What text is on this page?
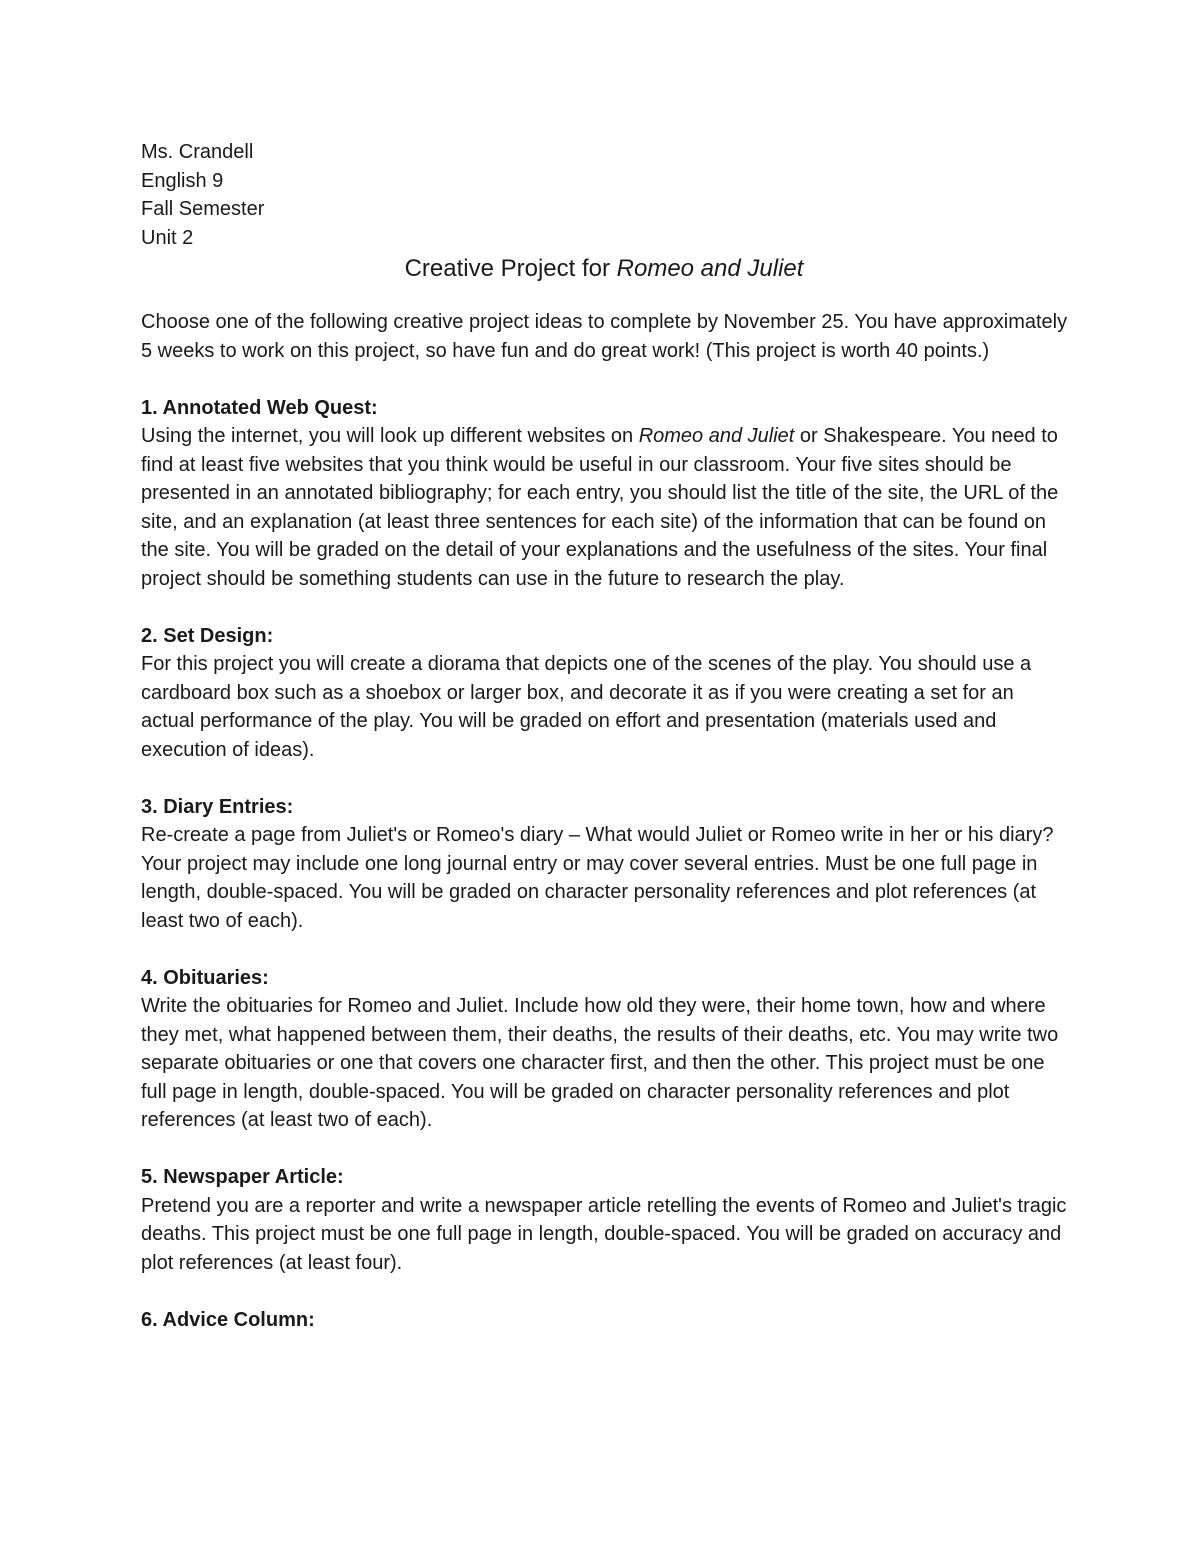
Ms. Crandell

English 9

Fall Semester

Unit 2

Creative Project for Romeo and Juliet

Choose one of the following creative project ideas to complete by November 25. You have approximately 5 weeks to work on this project, so have fun and do great work! (This project is worth 40 points.)

1. Annotated Web Quest:

Using the internet, you will look up different websites on Romeo and Juliet or Shakespeare. You need to find at least five websites that you think would be useful in our classroom. Your five sites should be presented in an annotated bibliography; for each entry, you should list the title of the site, the URL of the site, and an explanation (at least three sentences for each site) of the information that can be found on the site. You will be graded on the detail of your explanations and the usefulness of the sites. Your final project should be something students can use in the future to research the play.

2. Set Design:

For this project you will create a diorama that depicts one of the scenes of the play. You should use a cardboard box such as a shoebox or larger box, and decorate it as if you were creating a set for an actual performance of the play. You will be graded on effort and presentation (materials used and execution of ideas).

3. Diary Entries:

Re-create a page from Juliet's or Romeo's diary – What would Juliet or Romeo write in her or his diary? Your project may include one long journal entry or may cover several entries. Must be one full page in length, double-spaced. You will be graded on character personality references and plot references (at least two of each).

4. Obituaries:

Write the obituaries for Romeo and Juliet. Include how old they were, their home town, how and where they met, what happened between them, their deaths, the results of their deaths, etc. You may write two separate obituaries or one that covers one character first, and then the other. This project must be one full page in length, double-spaced. You will be graded on character personality references and plot references (at least two of each).

5. Newspaper Article:

Pretend you are a reporter and write a newspaper article retelling the events of Romeo and Juliet's tragic deaths. This project must be one full page in length, double-spaced. You will be graded on accuracy and plot references (at least four).

6. Advice Column:
